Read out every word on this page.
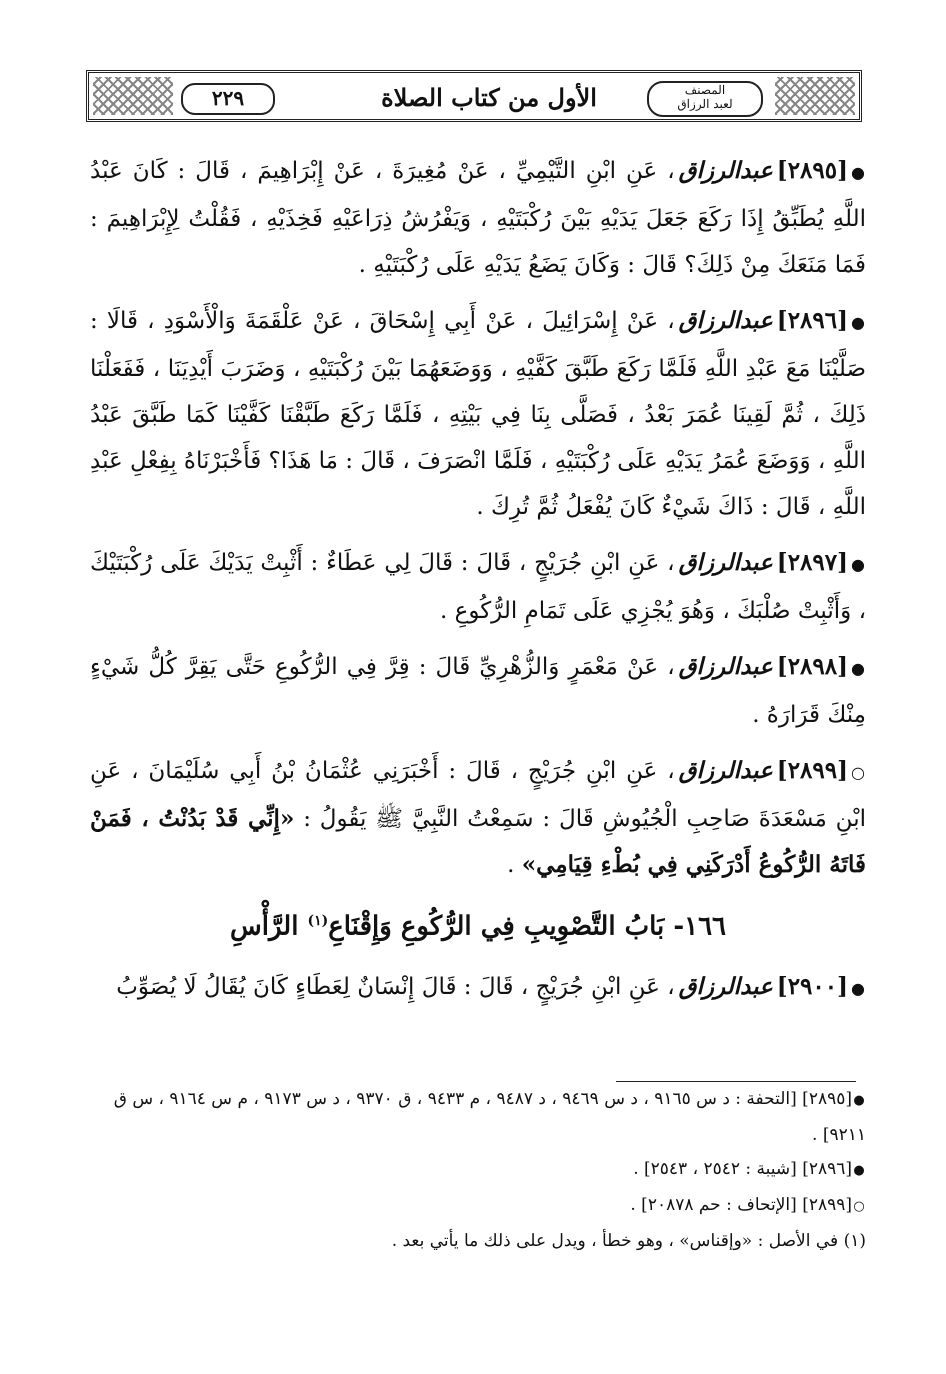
٢٢٩	الأول من كتاب الصلاة	المصنف
لعبد الرزاق

●[٢٨٩٥]عبدالرزاق، عَنِ ابْنِ التَّيْمِيِّ ، عَنْ مُغِيرَةَ ، عَنْ إِبْرَاهِيمَ ، قَالَ : كَانَ عَبْدُ اللَّهِ يُطَبِّقُ إِذَا رَكَعَ جَعَلَ يَدَيْهِ بَيْنَ رُكْبَتَيْهِ ، وَيَفْرُشُ ذِرَاعَيْهِ فَخِذَيْهِ ، فَقُلْتُ لِإِبْرَاهِيمَ : فَمَا مَنَعَكَ مِنْ ذَلِكَ؟ قَالَ : وَكَانَ يَضَعُ يَدَيْهِ عَلَى رُكْبَتَيْهِ .

●[٢٨٩٦]عبدالرزاق، عَنْ إِسْرَائِيلَ ، عَنْ أَبِي إِسْحَاقَ ، عَنْ عَلْقَمَةَ وَالْأَسْوَدِ ، قَالَا : صَلَّيْنَا مَعَ عَبْدِ اللَّهِ فَلَمَّا رَكَعَ طَبَّقَ كَفَّيْهِ ، وَوَضَعَهُمَا بَيْنَ رُكْبَتَيْهِ ، وَضَرَبَ أَيْدِيَنَا ، فَفَعَلْنَا ذَلِكَ ، ثُمَّ لَقِينَا عُمَرَ بَعْدُ ، فَصَلَّى بِنَا فِي بَيْتِهِ ، فَلَمَّا رَكَعَ طَبَّقْنَا كَفَّيْنَا كَمَا طَبَّقَ عَبْدُ اللَّهِ ، وَوَضَعَ عُمَرُ يَدَيْهِ عَلَى رُكْبَتَيْهِ ، فَلَمَّا انْصَرَفَ ، قَالَ : مَا هَذَا؟ فَأَخْبَرْنَاهُ بِفِعْلِ عَبْدِ اللَّهِ ، قَالَ : ذَاكَ شَيْءٌ كَانَ يُفْعَلُ ثُمَّ تُرِكَ .

●[٢٨٩٧]عبدالرزاق، عَنِ ابْنِ جُرَيْجٍ ، قَالَ : قَالَ لِي عَطَاءٌ : أَثْبِتْ يَدَيْكَ عَلَى رُكْبَتَيْكَ ، وَأَثْبِتْ صُلْبَكَ ، وَهُوَ يُجْزِي عَلَى تَمَامِ الرُّكُوعِ .

●[٢٨٩٨]عبدالرزاق، عَنْ مَعْمَرٍ وَالزُّهْرِيِّ قَالَ : قِرَّ فِي الرُّكُوعِ حَتَّى يَقِرَّ كُلُّ شَيْءٍ مِنْكَ قَرَارَهُ .

○[٢٨٩٩]عبدالرزاق، عَنِ ابْنِ جُرَيْجٍ ، قَالَ : أَخْبَرَنِي عُثْمَانُ بْنُ أَبِي سُلَيْمَانَ ، عَنِ ابْنِ مَسْعَدَةَ صَاحِبِ الْجُيُوشِ قَالَ : سَمِعْتُ النَّبِيَّ ﷺ يَقُولُ : «إِنِّي قَدْ بَدُنْتُ ، فَمَنْ فَاتَهُ الرُّكُوعُ أَدْرَكَنِي فِي بُطْءِ قِيَامِي» .

١٦٦- بَابُ التَّصْوِيبِ فِي الرُّكُوعِ وَإِقْنَاعِ$^{(١)}$ الرَّأْسِ

●[٢٩٠٠]عبدالرزاق، عَنِ ابْنِ جُرَيْجٍ ، قَالَ : قَالَ إِنْسَانٌ لِعَطَاءٍ كَانَ يُقَالُ لَا يُصَوِّبُ

●[٢٨٩٥] [التحفة : د س ٩١٦٥ ، د س ٩٤٦٩ ، د ٩٤٨٧ ، م ٩٤٣٣ ، ق ٩٣٧٠ ، د س ٩١٧٣ ، م س ٩١٦٤ ، س ق ٩٢١١] .

●[٢٨٩٦] [شيبة : ٢٥٤٢ ، ٢٥٤٣] .

○[٢٨٩٩] [الإتحاف : حم ٢٠٨٧٨] .

(١) في الأصل : «وإقناس» ، وهو خطأ ، ويدل على ذلك ما يأتي بعد .
